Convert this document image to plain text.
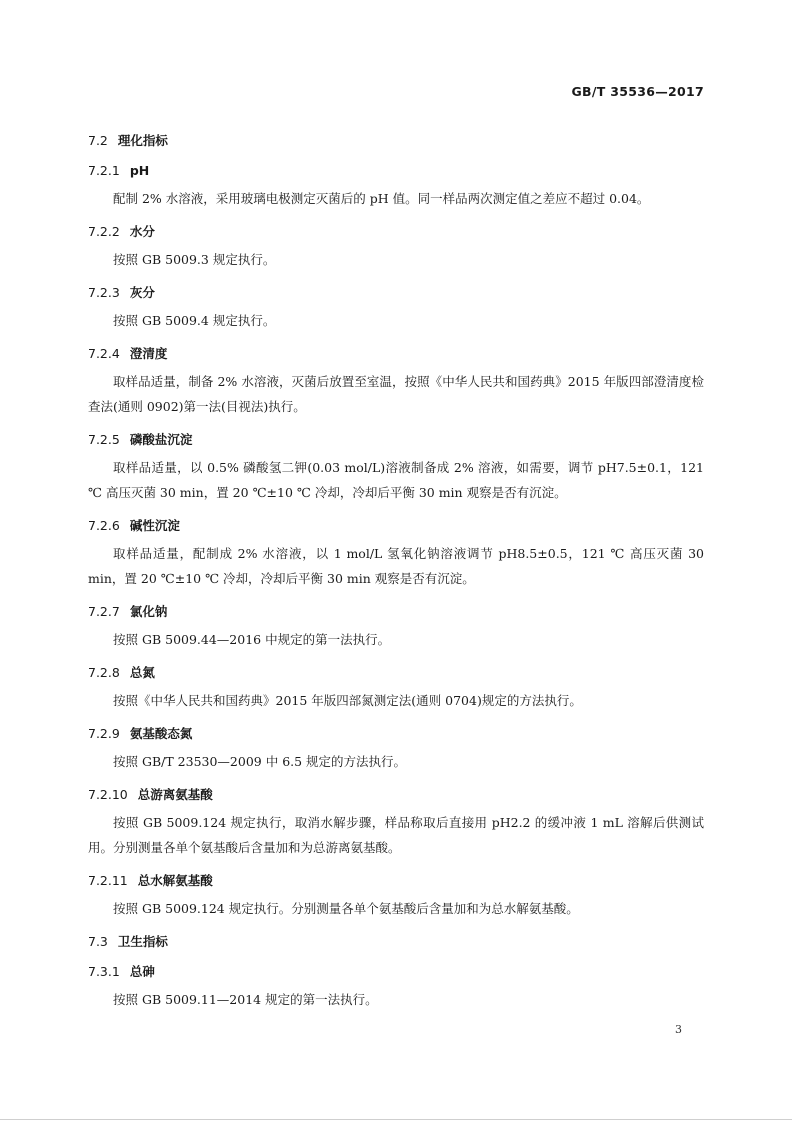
GB/T 35536—2017
7.2 理化指标
7.2.1 pH

配制 2% 水溶液，采用玻璃电极测定灭菌后的 pH 值。同一样品两次测定值之差应不超过 0.04。

7.2.2 水分

按照 GB 5009.3 规定执行。

7.2.3 灰分

按照 GB 5009.4 规定执行。

7.2.4 澄清度

取样品适量，制备 2% 水溶液，灭菌后放置至室温，按照《中华人民共和国药典》2015 年版四部澄清度检查法(通则 0902)第一法(目视法)执行。

7.2.5 磷酸盐沉淀

取样品适量，以 0.5% 磷酸氢二钾(0.03 mol/L)溶液制备成 2% 溶液，如需要，调节 pH7.5±0.1，121 ℃ 高压灭菌 30 min，置 20 ℃±10 ℃ 冷却，冷却后平衡 30 min 观察是否有沉淀。

7.2.6 碱性沉淀

取样品适量，配制成 2% 水溶液，以 1 mol/L 氢氧化钠溶液调节 pH8.5±0.5，121 ℃ 高压灭菌 30 min，置 20 ℃±10 ℃ 冷却，冷却后平衡 30 min 观察是否有沉淀。

7.2.7 氯化钠

按照 GB 5009.44—2016 中规定的第一法执行。

7.2.8 总氮

按照《中华人民共和国药典》2015 年版四部氮测定法(通则 0704)规定的方法执行。

7.2.9 氨基酸态氮

按照 GB/T 23530—2009 中 6.5 规定的方法执行。

7.2.10 总游离氨基酸

按照 GB 5009.124 规定执行，取消水解步骤，样品称取后直接用 pH2.2 的缓冲液 1 mL 溶解后供测试用。分别测量各单个氨基酸后含量加和为总游离氨基酸。

7.2.11 总水解氨基酸

按照 GB 5009.124 规定执行。分别测量各单个氨基酸后含量加和为总水解氨基酸。

7.3 卫生指标
7.3.1 总砷

按照 GB 5009.11—2014 规定的第一法执行。

3
